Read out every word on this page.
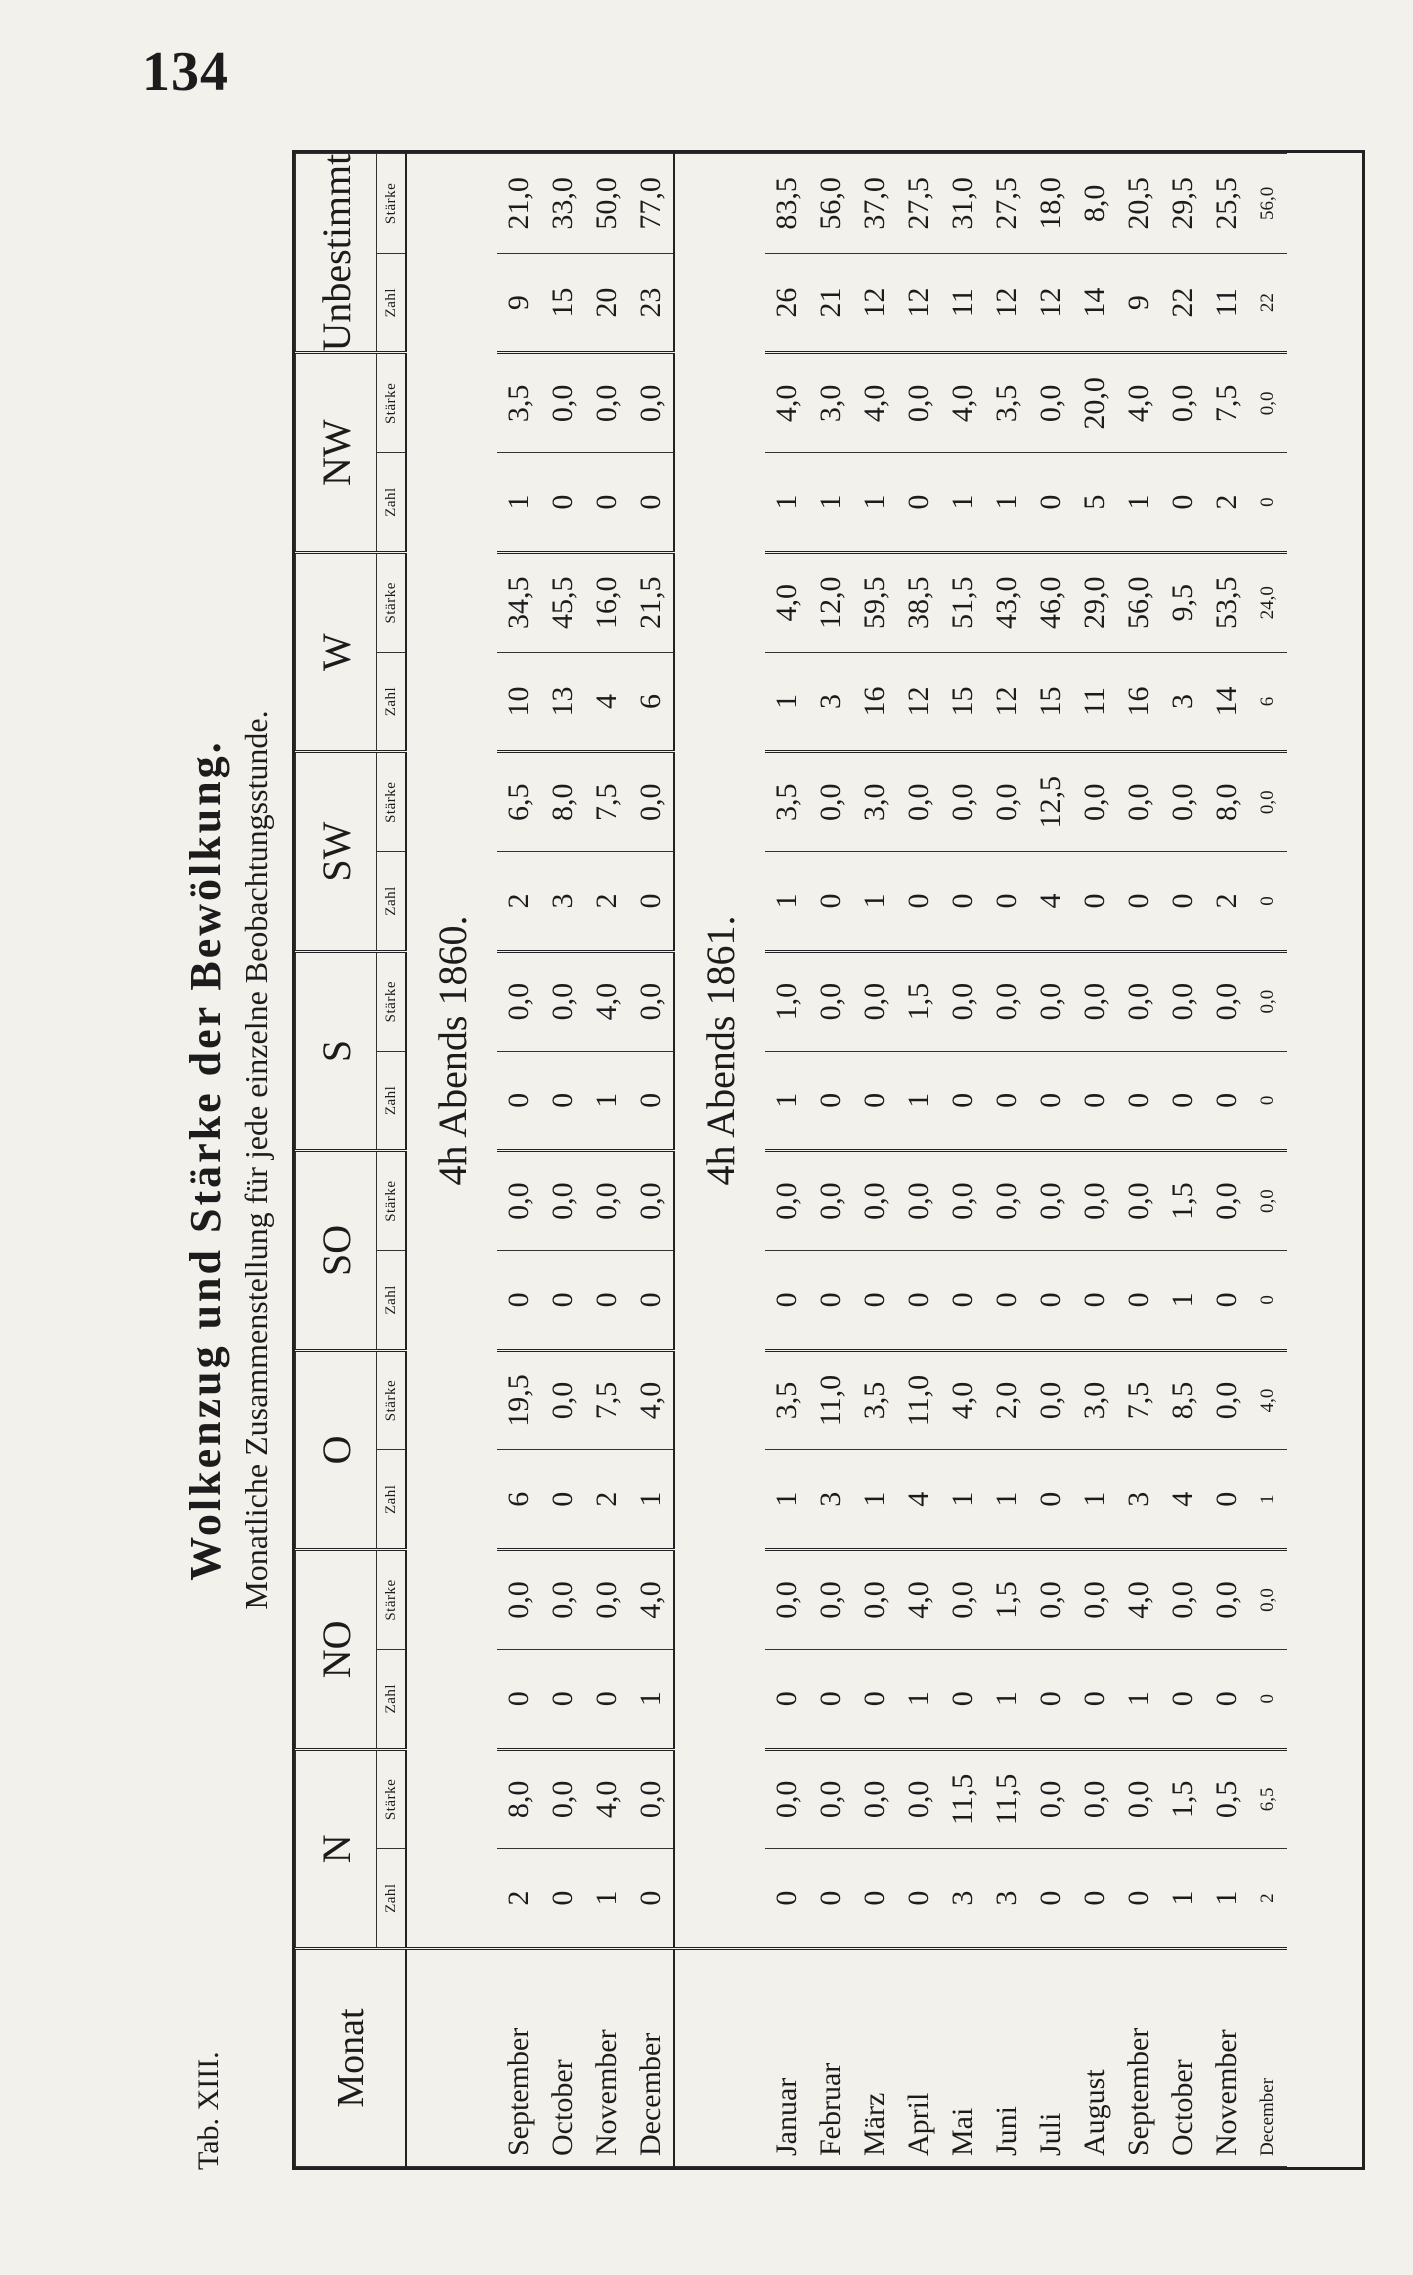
134
Tab. XIII.
Wolkenzug und Stärke der Bewölkung. Monatliche Zusammenstellung für jede einzelne Beobachtungsstunde.
Monat	N		NO		O		SO		S		SW		W		NW		Unbestimmt	
	Zahl	Stärke	Zahl	Stärke	Zahl	Stärke	Zahl	Stärke	Zahl	Stärke	Zahl	Stärke	Zahl	Stärke	Zahl	Stärke	Zahl	Stärke
	4h Abends 1860.																	
September	2	8,0	0	0,0	6	19,5	0	0,0	0	0,0	2	6,5	10	34,5	1	3,5	9	21,0
October	0	0,0	0	0,0	0	0,0	0	0,0	0	0,0	3	8,0	13	45,5	0	0,0	15	33,0
November	1	4,0	0	0,0	2	7,5	0	0,0	1	4,0	2	7,5	4	16,0	0	0,0	20	50,0
December	0	0,0	1	4,0	1	4,0	0	0,0	0	0,0	0	0,0	6	21,5	0	0,0	23	77,0
	4h Abends 1861.																	
Januar	0	0,0	0	0,0	1	3,5	0	0,0	1	1,0	1	3,5	1	4,0	1	4,0	26	83,5
Februar	0	0,0	0	0,0	3	11,0	0	0,0	0	0,0	0	0,0	3	12,0	1	3,0	21	56,0
März	0	0,0	0	0,0	1	3,5	0	0,0	0	0,0	1	3,0	16	59,5	1	4,0	12	37,0
April	0	0,0	1	4,0	4	11,0	0	0,0	1	1,5	0	0,0	12	38,5	0	0,0	12	27,5
Mai	3	11,5	0	0,0	1	4,0	0	0,0	0	0,0	0	0,0	15	51,5	1	4,0	11	31,0
Juni	3	11,5	1	1,5	1	2,0	0	0,0	0	0,0	0	0,0	12	43,0	1	3,5	12	27,5
Juli	0	0,0	0	0,0	0	0,0	0	0,0	0	0,0	4	12,5	15	46,0	0	0,0	12	18,0
August	0	0,0	0	0,0	1	3,0	0	0,0	0	0,0	0	0,0	11	29,0	5	20,0	14	8,0
September	0	0,0	1	4,0	3	7,5	0	0,0	0	0,0	0	0,0	16	56,0	1	4,0	9	20,5
October	1	1,5	0	0,0	4	8,5	1	1,5	0	0,0	0	0,0	3	9,5	0	0,0	22	29,5
November	1	0,5	0	0,0	0	0,0	0	0,0	0	0,0	2	8,0	14	53,5	2	7,5	11	25,5
December	2	6,5	0	0,0	1	4,0	0	0,0	0	0,0	0	0,0	6	24,0	0	0,0	22	56,0
